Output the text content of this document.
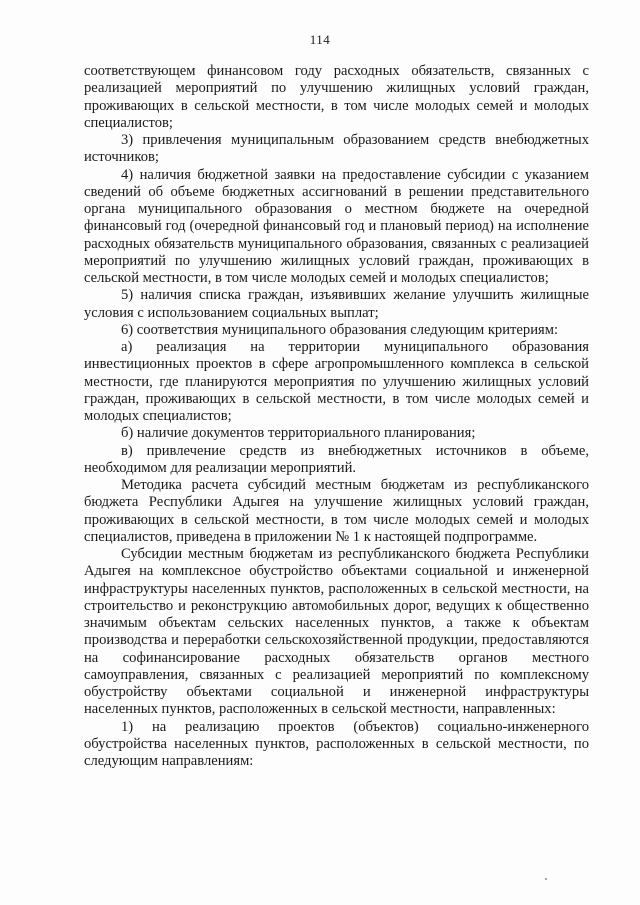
114

соответствующем финансовом году расходных обязательств, связанных с реализацией мероприятий по улучшению жилищных условий граждан, проживающих в сельской местности, в том числе молодых семей и молодых специалистов;

3) привлечения муниципальным образованием средств внебюджетных источников;

4) наличия бюджетной заявки на предоставление субсидии с указанием сведений об объеме бюджетных ассигнований в решении представительного органа муниципального образования о местном бюджете на очередной финансовый год (очередной финансовый год и плановый период) на исполнение расходных обязательств муниципального образования, связанных с реализацией мероприятий по улучшению жилищных условий граждан, проживающих в сельской местности, в том числе молодых семей и молодых специалистов;

5) наличия списка граждан, изъявивших желание улучшить жилищные условия с использованием социальных выплат;

6) соответствия муниципального образования следующим критериям:

а) реализация на территории муниципального образования инвестиционных проектов в сфере агропромышленного комплекса в сельской местности, где планируются мероприятия по улучшению жилищных условий граждан, проживающих в сельской местности, в том числе молодых семей и молодых специалистов;

б) наличие документов территориального планирования;

в) привлечение средств из внебюджетных источников в объеме, необходимом для реализации мероприятий.

Методика расчета субсидий местным бюджетам из республиканского бюджета Республики Адыгея на улучшение жилищных условий граждан, проживающих в сельской местности, в том числе молодых семей и молодых специалистов, приведена в приложении № 1 к настоящей подпрограмме.

Субсидии местным бюджетам из республиканского бюджета Республики Адыгея на комплексное обустройство объектами социальной и инженерной инфраструктуры населенных пунктов, расположенных в сельской местности, на строительство и реконструкцию автомобильных дорог, ведущих к общественно значимым объектам сельских населенных пунктов, а также к объектам производства и переработки сельскохозяйственной продукции, предоставляются на софинансирование расходных обязательств органов местного самоуправления, связанных с реализацией мероприятий по комплексному обустройству объектами социальной и инженерной инфраструктуры населенных пунктов, расположенных в сельской местности, направленных:

1) на реализацию проектов (объектов) социально-инженерного обустройства населенных пунктов, расположенных в сельской местности, по следующим направлениям:
